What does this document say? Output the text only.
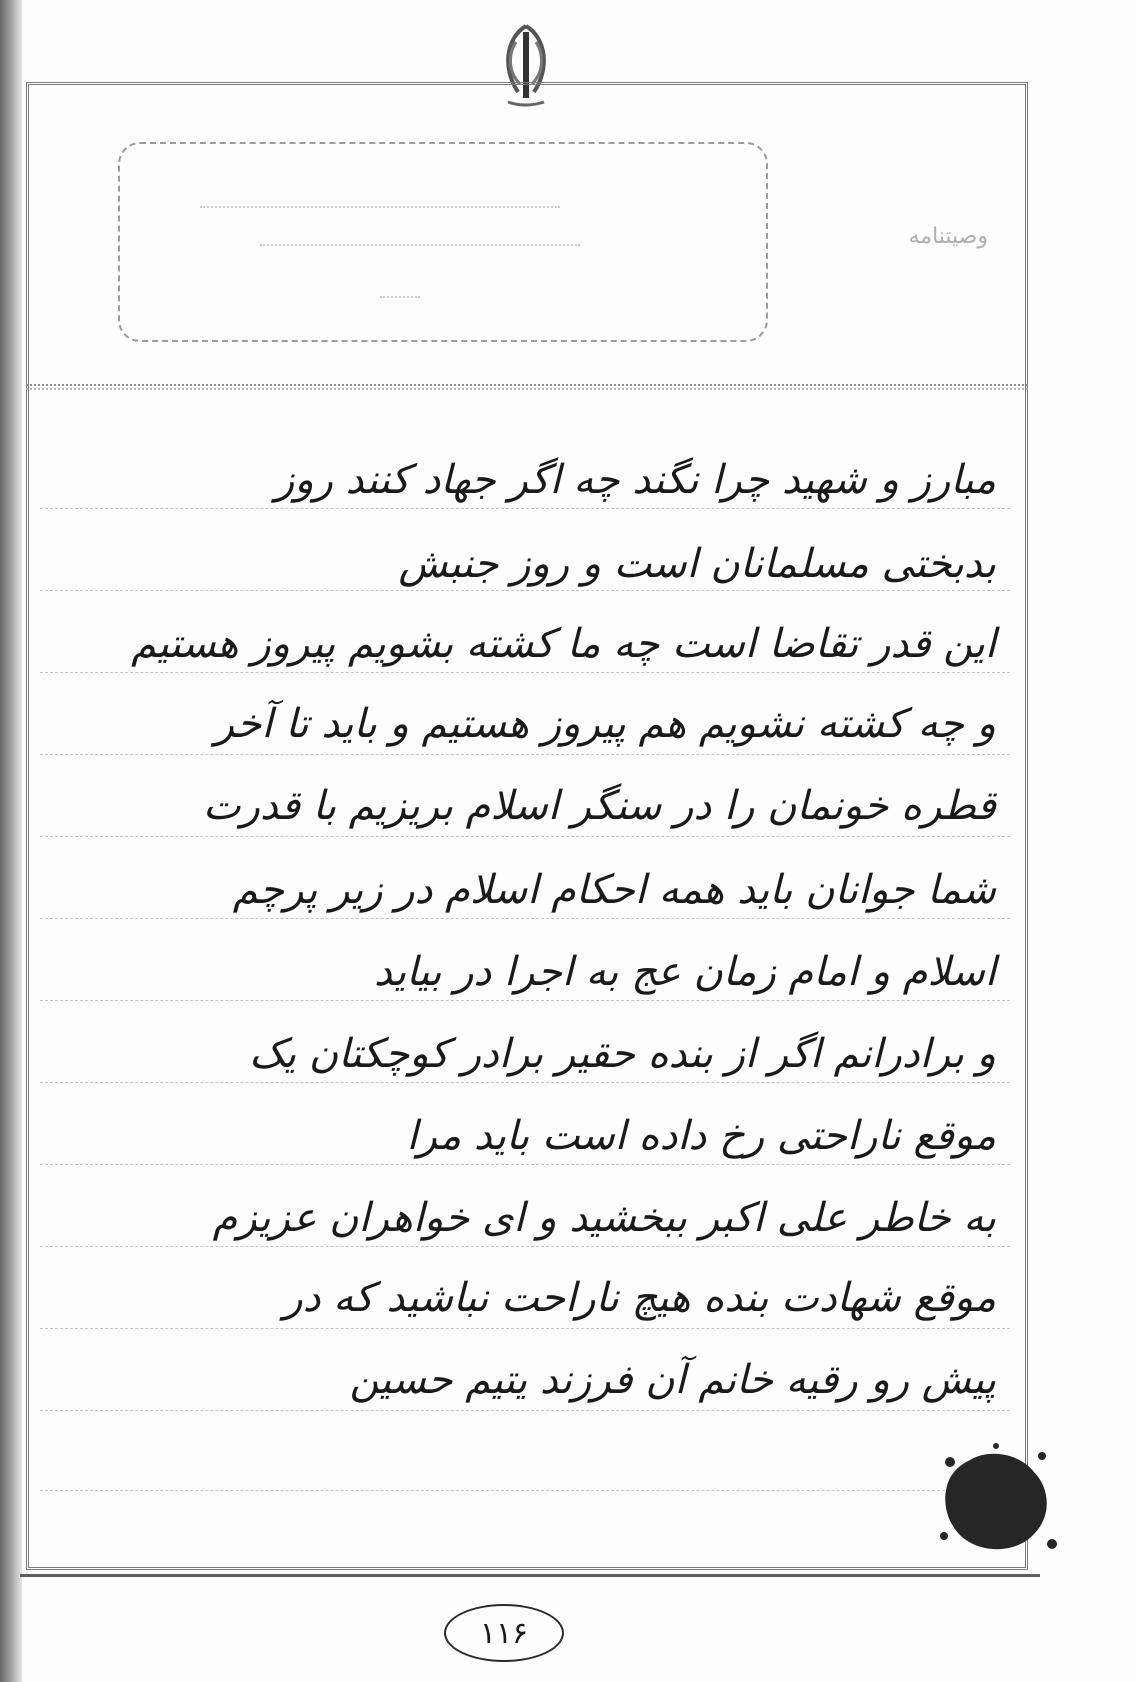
وصیتنامه
مبارز و شهید چرا نگند چه اگر جهاد کنند روز
بدبختی مسلمانان است و روز جنبش
این قدر تقاضا است چه ما کشته بشویم پیروز هستیم
و چه کشته نشویم هم پیروز هستیم و باید تا آخر
قطره خونمان را در سنگر اسلام بریزیم با قدرت
شما جوانان باید همه احکام اسلام در زیر پرچم
اسلام و امام زمان عج به اجرا در بیاید
و برادرانم اگر از بنده حقیر برادر کوچکتان یک
موقع ناراحتی رخ داده است باید مرا
به خاطر علی اکبر ببخشید و ای خواهران عزیزم
موقع شهادت بنده هیچ ناراحت نباشید که در
پیش رو رقیه خانم آن فرزند یتیم حسین
۱۱۶
